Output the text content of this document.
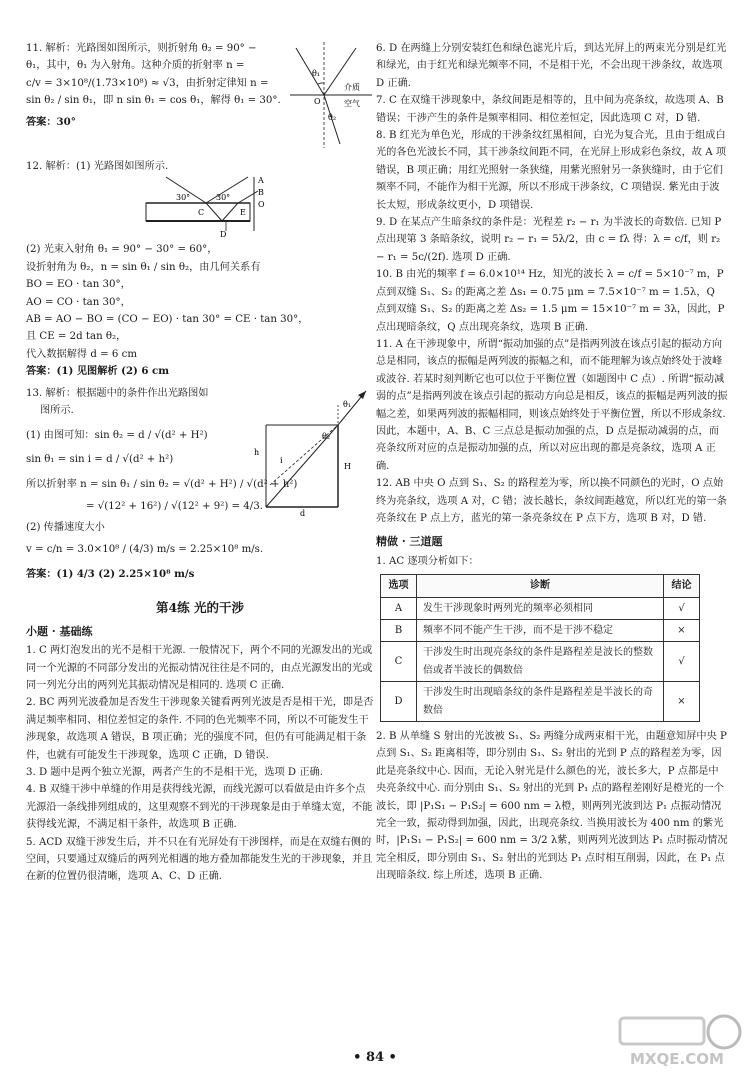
11. 解析：光路图如图所示，则折射角 θ₂ = 90° −

θ₁，其中，θ₁ 为入射角。这种介质的折射率 n =

c/v = 3×10⁸/(1.73×10⁸) ≈ √3，由折射定律知 n =

sin θ₂ / sin θ₁，即 n sin θ₁ = cos θ₁，解得 θ₁ = 30°.

答案：30°

θ₁
θ₂
O
介质
空气

12. 解析：(1) 光路图如图所示.

A
B
O
30°	30°
C	E
D

(2) 光束入射角 θ₁ = 90° − 30° = 60°，

设折射角为 θ₂，n = sin θ₁ / sin θ₂，由几何关系有

BO = EO · tan 30°，

AO = CO · tan 30°，

AB = AO − BO = (CO − EO) · tan 30° = CE · tan 30°，

且 CE = 2d tan θ₂，

代入数据解得 d = 6 cm

答案：(1) 见图解析 (2) 6 cm

13. 解析：根据题中的条件作出光路图如

图所示.

(1) 由图可知：sin θ₂ = d / √(d² + H²)

sin θ₁ = sin i = d / √(d² + h²)

θ₁
θ₂
h
H
i
d

所以折射率 n = sin θ₁ / sin θ₂ = √(d² + H²) / √(d² + h²)

= √(12² + 16²) / √(12² + 9²) = 4/3.

(2) 传播速度大小

v = c/n = 3.0×10⁸ / (4/3) m/s = 2.25×10⁸ m/s.

答案：(1) 4/3 (2) 2.25×10⁸ m/s

第4练 光的干涉

小题 · 基础练

1. C 两灯泡发出的光不是相干光源. 一般情况下，两个不同的光源发出的光或同一个光源的不同部分发出的光振动情况往往是不同的，由点光源发出的光或同一列光分出的两列光其振动情况是相同的. 选项 C 正确.

2. BC 两列光波叠加是否发生干涉现象关键看两列光波是否是相干光，即是否满足频率相同、相位差恒定的条件. 不同的色光频率不同，所以不可能发生干涉现象，故选项 A 错误，B 项正确；光的强度不同，但仍有可能满足相干条件，也就有可能发生干涉现象，选项 C 正确，D 错误.

3. D 题中是两个独立光源，两者产生的不是相干光，选项 D 正确.

4. B 双缝干涉中单缝的作用是获得线光源，而线光源可以看做是由许多个点光源沿一条线排列组成的，这里观察不到光的干涉现象是由于单缝太宽，不能获得线光源，不满足相干条件，故选项 B 正确.

5. ACD 双缝干涉发生后，并不只在有光屏处有干涉图样，而是在双缝右侧的空间，只要通过双缝后的两列光相遇的地方叠加都能发生光的干涉现象，并且在新的位置仍很清晰，选项 A、C、D 正确.

6. D 在两缝上分别安装红色和绿色滤光片后，到达光屏上的两束光分别是红光和绿光，由于红光和绿光频率不同，不是相干光，不会出现干涉条纹，故选项 D 正确.

7. C 在双缝干涉现象中，条纹间距是相等的，且中间为亮条纹，故选项 A、B 错误；干涉产生的条件是频率相同、相位差恒定，因此选项 C 对，D 错.

8. B 红光为单色光，形成的干涉条纹红黑相间，白光为复合光，且由于组成白光的各色光波长不同，其干涉条纹间距不同，在光屏上形成彩色条纹，故 A 项错误，B 项正确；用红光照射一条狭缝，用紫光照射另一条狭缝时，由于它们频率不同，不能作为相干光源，所以不形成干涉条纹，C 项错误. 紫光由于波长太短，形成条纹更小，D 项错误.

9. D 在某点产生暗条纹的条件是：光程差 r₂ − r₁ 为半波长的奇数倍. 已知 P 点出现第 3 条暗条纹，说明 r₂ − r₁ = 5λ/2，由 c = fλ 得：λ = c/f，则 r₂ − r₁ = 5c/(2f). 选项 D 正确.

10. B 由光的频率 f = 6.0×10¹⁴ Hz，知光的波长 λ = c/f = 5×10⁻⁷ m，P 点到双缝 S₁、S₂ 的距离之差 Δs₁ = 0.75 μm = 7.5×10⁻⁷ m = 1.5λ，Q 点到双缝 S₁、S₂ 的距离之差 Δs₂ = 1.5 μm = 15×10⁻⁷ m = 3λ，因此，P 点出现暗条纹，Q 点出现亮条纹，选项 B 正确.

11. A 在干涉现象中，所谓“振动加强的点”是指两列波在该点引起的振动方向总是相同，该点的振幅是两列波的振幅之和，而不能理解为该点始终处于波峰或波谷. 若某时刻判断它也可以位于平衡位置（如题图中 C 点）. 所谓“振动减弱的点”是指两列波在该点引起的振动方向总是相反，该点的振幅是两列波的振幅之差，如果两列波的振幅相同，则该点始终处于平衡位置，所以不形成条纹. 因此，本题中，A、B、C 三点总是振动加强的点，D 点是振动减弱的点，而亮条纹所对应的点是振动加强的点，所以对应出现的都是亮条纹，选项 A 正确.

12. AB 中央 O 点到 S₁、S₂ 的路程差为零，所以换不同颜色的光时，O 点始终为亮条纹，选项 A 对，C 错；波长越长，条纹间距越宽，所以红光的第一条亮条纹在 P 点上方，蓝光的第一条亮条纹在 P 点下方，选项 B 对，D 错.

精做 · 三道题

1. AC 逐项分析如下：

选项	诊断	结论
A	发生干涉现象时两列光的频率必须相同	√
B	频率不同不能产生干涉，而不是干涉不稳定	×
C	干涉发生时出现亮条纹的条件是路程差是波长的整数倍或者半波长的偶数倍	√
D	干涉发生时出现暗条纹的条件是路程差是半波长的奇数倍	×

2. B 从单缝 S 射出的光波被 S₁、S₂ 两缝分成两束相干光，由题意知屏中央 P 点到 S₁、S₂ 距离相等，即分别由 S₁、S₂ 射出的光到 P 点的路程差为零，因此是亮条纹中心. 因而，无论入射光是什么颜色的光，波长多大，P 点都是中央亮条纹中心. 而分别由 S₁、S₂ 射出的光到 P₁ 点的路程差刚好是橙光的一个波长，即 |P₁S₁ − P₁S₂| = 600 nm = λ橙，则两列光波到达 P₁ 点振动情况完全一致，振动得到加强，因此，出现亮条纹. 当换用波长为 400 nm 的紫光时，|P₁S₁ − P₁S₂| = 600 nm = 3/2 λ紫，则两列光波到达 P₁ 点时振动情况完全相反，即分别由 S₁、S₂ 射出的光到达 P₁ 点时相互削弱，因此，在 P₁ 点出现暗条纹. 综上所述，选项 B 正确.

• 84 •	MXQE.COM
